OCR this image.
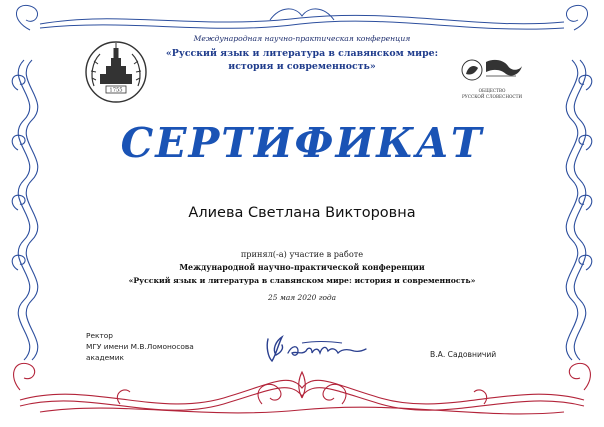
1755	ОБЩЕСТВО
РУССКОЙ СЛОВЕСНОСТИ

Международная научно-практическая конференция

«Русский язык и литература в славянском мире:
история и современность»

СЕРТИФИКАТ

Алиева Светлана Викторовна

принял(-а) участие в работе

Международной научно-практической конференции

«Русский язык и литература в славянском мире: история и современность»

25 мая 2020 года

Ректор
МГУ имени М.В.Ломоносова
академик	В.А. Садовничий
